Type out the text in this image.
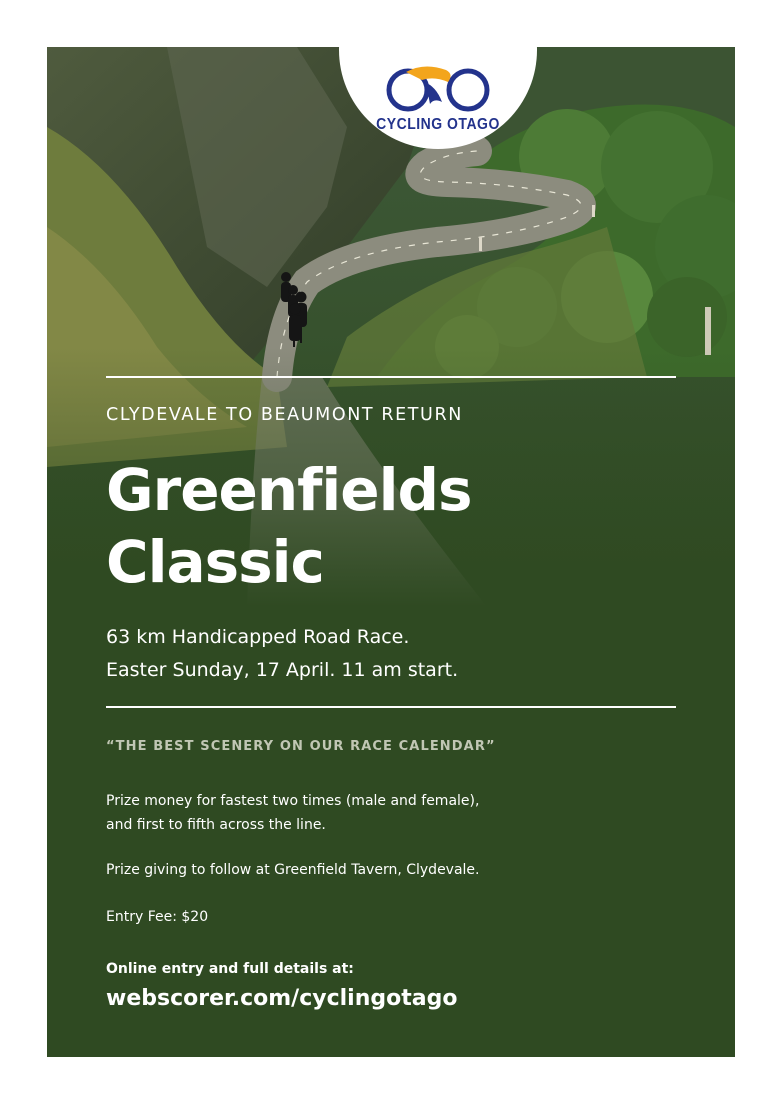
CYCLING OTAGO
CLYDEVALE TO BEAUMONT RETURN
Greenfields
Classic
63 km Handicapped Road Race.
Easter Sunday, 17 April. 11 am start.
“THE BEST SCENERY ON OUR RACE CALENDAR”
Prize money for fastest two times (male and female),
and first to fifth across the line.
Prize giving to follow at Greenfield Tavern, Clydevale.
Entry Fee: $20
Online entry and full details at:
webscorer.com/cyclingotago
